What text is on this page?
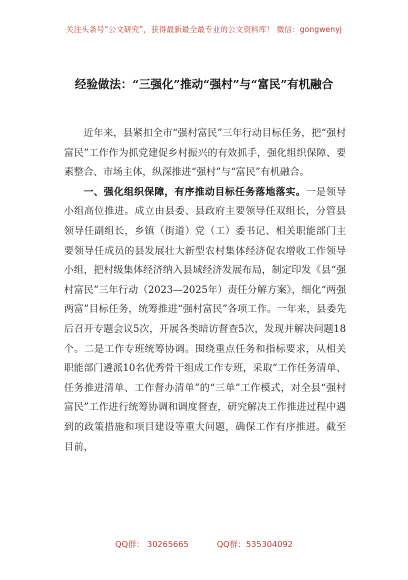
关注头条号“公文研究”，获得最新最全最专业的公文资料库！ 微信：gongwenyj
经验做法：“三强化”推动“强村”与“富民”有机融合

近年来，县紧扣全市“强村富民”三年行动目标任务，把“强村富民”工作作为抓党建促乡村振兴的有效抓手，强化组织保障、要素整合、市场主体，纵深推进“强村”与“富民”有机融合。

一、强化组织保障，有序推动目标任务落地落实。一是领导小组高位推进。成立由县委、县政府主要领导任双组长，分管县领导任副组长，乡镇（街道）党（工）委书记、相关职能部门主要领导任成员的县发展壮大新型农村集体经济促农增收工作领导小组，把村级集体经济纳入县域经济发展布局，制定印发《县“强村富民”三年行动（2023—2025年）责任分解方案》，细化“两强两富”目标任务，统筹推进“强村富民”各项工作。一年来，县委先后召开专题会议5次，开展各类暗访督查5次，发现并解决问题18个。二是工作专班统筹协调。围绕重点任务和指标要求，从相关职能部门遴派10名优秀骨干组成工作专班，采取“工作任务清单、任务推进清单、工作督办清单”的“三单”工作模式，对全县“强村富民”工作进行统筹协调和调度督查，研究解决工作推进过程中遇到的政策措施和项目建设等重大问题，确保工作有序推进。截至目前，

QQ群： 30265665	QQ群：535304092
